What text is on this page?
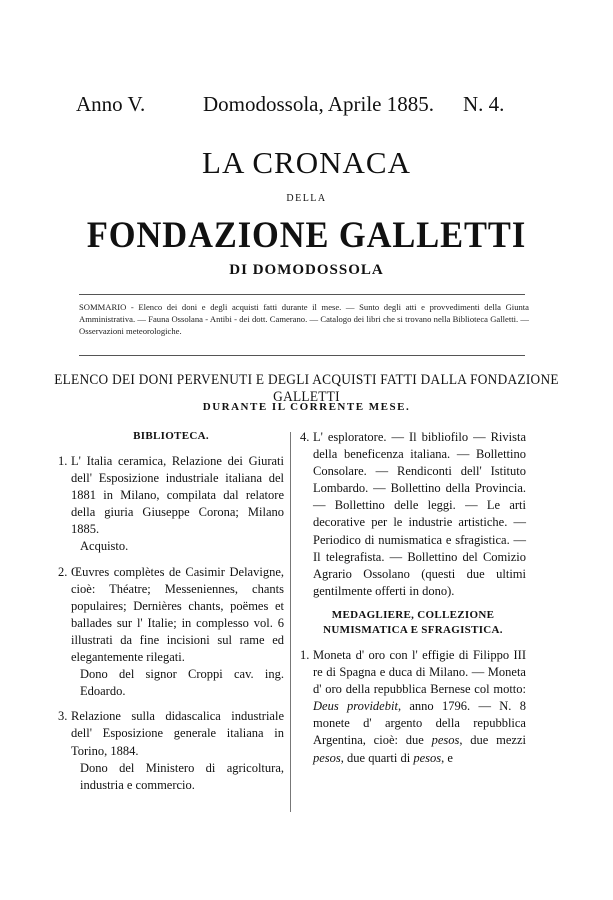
Anno V.	Domodossola, Aprile 1885. N. 4.
LA CRONACA
DELLA
FONDAZIONE GALLETTI
DI DOMODOSSOLA
SOMMARIO - Elenco dei doni e degli acquisti fatti durante il mese. — Sunto degli atti e provvedimenti della Giunta Amministrativa. — Fauna Ossolana - Antibi - dei dott. Camerano. — Catalogo dei libri che si trovano nella Biblioteca Galletti. — Osservazioni meteorologiche.
ELENCO DEI DONI PERVENUTI E DEGLI ACQUISTI FATTI DALLA FONDAZIONE GALLETTI
DURANTE IL CORRENTE MESE.
BIBLIOTECA.
1. L' Italia ceramica, Relazione dei Giurati dell' Esposizione industriale italiana del 1881 in Milano, compilata dal relatore della giuria Giuseppe Corona; Milano 1885.
Acquisto.
2. Œuvres complètes de Casimir Delavigne, cioè: Théatre; Messeniennes, chants populaires; Dernières chants, poëmes et ballades sur l' Italie; in complesso vol. 6 illustrati da fine incisioni sul rame ed elegantemente rilegati.
Dono del signor Croppi cav. ing. Edoardo.
3. Relazione sulla didascalica industriale dell' Esposizione generale italiana in Torino, 1884.
Dono del Ministero di agricoltura, industria e commercio.
4. L' esploratore. — Il bibliofilo — Rivista della beneficenza italiana. — Bollettino Consolare. — Rendiconti dell' Istituto Lombardo. — Bollettino della Provincia. — Bollettino delle leggi. — Le arti decorative per le industrie artistiche. — Periodico di numismatica e sfragistica. — Il telegrafista. — Bollettino del Comizio Agrario Ossolano (questi due ultimi gentilmente offerti in dono).
MEDAGLIERE, COLLEZIONE NUMISMATICA E SFRAGISTICA.
1. Moneta d' oro con l' effigie di Filippo III re di Spagna e duca di Milano. — Moneta d' oro della repubblica Bernese col motto: Deus providebit, anno 1796. — N. 8 monete d' argento della repubblica Argentina, cioè: due pesos, due mezzi pesos, due quarti di pesos, e
